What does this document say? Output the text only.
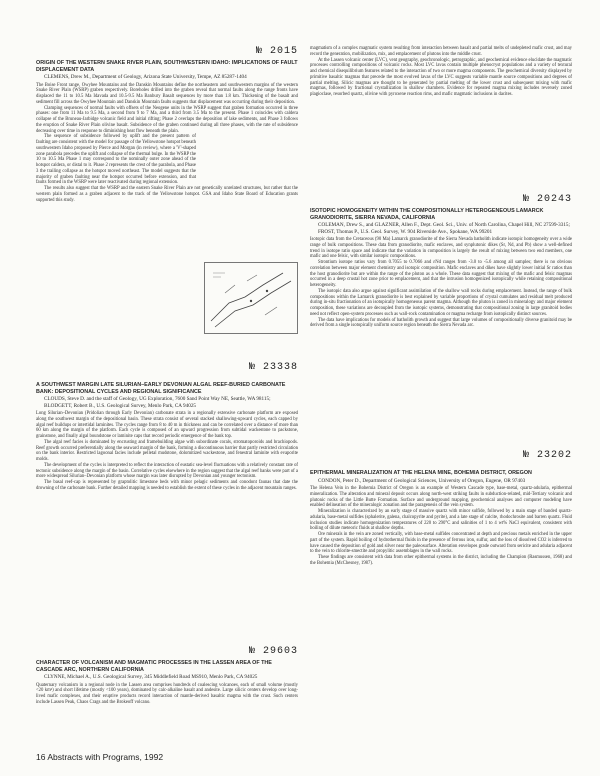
№ 2015

ORIGIN OF THE WESTERN SNAKE RIVER PLAIN, SOUTHWESTERN IDAHO: IMPLICATIONS OF FAULT DISPLACEMENT DATA

CLEMENS, Drew M., Department of Geology, Arizona State University, Tempe, AZ 85287-1404

The Boise Front range, Owyhee Mountains and the Danskin Mountains define the northeastern and southwestern margins of the western Snake River Plain (WSRP) graben respectively. Boreholes drilled into the graben reveal that normal faults along the range fronts have displaced the 11 to 10.5 Ma Idavada and 10.5-9.5 Ma Banbury Basalt sequences by more than 1.8 km. Thickening of the basalt and sediment fill across the Owyhee Mountain and Danskin Mountain faults suggests that displacement was occurring during their deposition.

Clamping sequences of normal faults with offsets of the Neogene units in the WSRP suggest that graben formation occurred in three phases: one from 11 Ma to 9.5 Ma, a second from 9 to 7 Ma, and a third from 3.5 Ma to the present. Phase 1 coincides with caldera collapse of the Bruneau-Jarbidge volcanic field and initial rifting; Phase 2 overlaps the deposition of lake sediments, and Phase 3 follows the eruption of Snake River Plain olivine basalt. Subsidence of the graben continued during all three phases, with the rate of subsidence decreasing over time in response to diminishing heat flow beneath the plain.

The sequence of subsidence followed by uplift and the present pattern of faulting are consistent with the model for passage of the Yellowstone hotspot beneath southwestern Idaho proposed by Pierce and Morgan (in review), where a 'V'-shaped zone parabola precedes the uplift and collapse of the thermal bulge. In the WSRP the 10 to 10.5 Ma Phase 1 may correspond to the nominally outer zone ahead of the hotspot caldera, or distal to it. Phase 2 represents the crest of the parabola, and Phase 3 the trailing collapse as the hotspot moved northeast. The model suggests that the majority of graben faulting near the hotspot occurred before extension, and that faults formed in the WSRP were later reactivated during regional extension.

The results also suggest that the WSRP and the eastern Snake River Plain are not genetically unrelated structures, but rather that the western plain formed as a graben adjacent to the track of the Yellowstone hotspot. GSA and Idaho State Board of Education grants supported this study.

№ 23338

A SOUTHWEST MARGIN LATE SILURIAN–EARLY DEVONIAN ALGAL REEF-BURIED CARBONATE BANK: DEPOSITIONAL CYCLES AND REGIONAL SIGNIFICANCE

CLOUDS, Steve D. and the staff of Geology, UG Exploration, 7600 Sand Point Way NE, Seattle, WA 98115; BLODGETT, Robert B., U.S. Geological Survey, Menlo Park, CA 94025

Long Silurian–Devonian (Pridolian through Early Devonian) carbonate strata in a regionally extensive carbonate platform are exposed along the southwest margin of the depositional basin. These strata consist of several stacked shallowing-upward cycles, each capped by algal reef buildups or intertidal laminites. The cycles range from 8 to 40 m in thickness and can be correlated over a distance of more than 60 km along the margin of the platform. Each cycle is composed of an upward progression from subtidal wackestone to packstone, grainstone, and finally algal boundstone or laminite caps that record periodic emergence of the bank top.

The algal reef facies is dominated by encrusting and framebuilding algae with subordinate corals, stromatoporoids and brachiopods. Reef growth occurred preferentially along the seaward margin of the bank, forming a discontinuous barrier that partly restricted circulation on the bank interior. Restricted lagoonal facies include pelletal mudstone, dolomitized wackestone, and fenestral laminite with evaporite molds.

The development of the cycles is interpreted to reflect the interaction of eustatic sea-level fluctuations with a relatively constant rate of tectonic subsidence along the margin of the basin. Correlative cycles elsewhere in the region suggest that the algal reef banks were part of a more widespread Silurian–Devonian platform whose margin was later disrupted by Devonian and younger tectonism.

The basal reef-cap is represented by graptolitic limestone beds with minor pelagic sediments and conodont faunas that date the drowning of the carbonate bank. Further detailed mapping is needed to establish the extent of these cycles in the adjacent mountain ranges.

№ 29603

CHARACTER OF VOLCANISM AND MAGMATIC PROCESSES IN THE LASSEN AREA OF THE CASCADE ARC, NORTHERN CALIFORNIA

CLYNNE, Michael A., U.S. Geological Survey, 345 Middlefield Road MS910, Menlo Park, CA 94025

Quaternary volcanism in a regional node in the Lassen area comprises hundreds of coalescing volcanoes, each of small volume (mostly <20 km³) and short lifetime (mostly <100 years), dominated by calc-alkaline basalt and andesite. Large silicic centers develop over long-lived mafic complexes, and their eruptive products record interaction of mantle-derived basaltic magma with the crust. Such centers include Lassen Peak, Chaos Crags and the Brokeoff volcano.

magmatism of a complex magmatic system resulting from interaction between basalt and partial melts of undepleted mafic crust, and may record the generation, mobilization, mix, and emplacement of plutons into the middle crust.

At the Lassen volcanic center (LVC), vent geography, geochronologic, petrographic, and geochemical evidence elucidate the magmatic processes controlling compositions of volcanic rocks. Most LVC lavas contain multiple phenocryst populations and a variety of textural and chemical disequilibrium features related to the interaction of two or more magma components. The geochemical diversity displayed by primitive basaltic magmas that precede the most evolved lavas of the LVC suggests variable mantle source compositions and degrees of partial melting. Silicic magmas are thought to be generated by partial melting of the lower crust and subsequent mixing with mafic magmas, followed by fractional crystallization in shallow chambers. Evidence for repeated magma mixing includes reversely zoned plagioclase, resorbed quartz, olivine with pyroxene reaction rims, and mafic magmatic inclusions in dacites.

№ 20243

ISOTOPIC HOMOGENEITY WITHIN THE COMPOSITIONALLY HETEROGENEOUS LAMARCK GRANODIORITE, SIERRA NEVADA, CALIFORNIA

COLEMAN, Drew S., and GLAZNER, Allen F., Dept. Geol. Sci., Univ. of North Carolina, Chapel Hill, NC 27599-3315; FROST, Thomas P., U.S. Geol. Survey, W. 904 Riverside Ave., Spokane, WA 99201

Isotopic data from the Cretaceous (90 Ma) Lamarck granodiorite of the Sierra Nevada batholith indicate isotopic homogeneity over a wide range of bulk compositions. These data from granodiorite, mafic enclaves, and synplutonic dikes (Sr, Nd, and Pb) show a well-defined trend in isotope ratio space and indicate that the variation in composition is largely the result of mixing between two end members, one mafic and one felsic, with similar isotopic compositions.

Strontium isotope ratios vary from 0.7055 to 0.7066 and εNd ranges from -3.0 to -5.6 among all samples; there is no obvious correlation between major element chemistry and isotopic composition. Mafic enclaves and dikes have slightly lower initial Sr ratios than the host granodiorite but are within the range of the pluton as a whole. These data suggest that mixing of the mafic and felsic magmas occurred in a deep crustal hot zone prior to emplacement, and that the intrusion homogenized isotopically while retaining compositional heterogeneity.

The isotopic data also argue against significant assimilation of the shallow wall rocks during emplacement. Instead, the range of bulk compositions within the Lamarck granodiorite is best explained by variable proportions of crystal cumulates and residual melt produced during in-situ fractionation of an isotopically homogeneous parent magma. Although the pluton is zoned in mineralogy and major element composition, these variations are decoupled from the isotopic systems, demonstrating that compositional zoning in large granitoid bodies need not reflect open-system processes such as wall-rock contamination or magma recharge from isotopically distinct sources.

The data have implications for models of batholith growth and suggest that large volumes of compositionally diverse granitoid may be derived from a single isotopically uniform source region beneath the Sierra Nevada arc.

№ 23202

EPITHERMAL MINERALIZATION AT THE HELENA MINE, BOHEMIA DISTRICT, OREGON

CONDON, Peter D., Department of Geological Sciences, University of Oregon, Eugene, OR 97403

The Helena Vein in the Bohemia District of Oregon is an example of Western Cascade type, base-metal, quartz-adularia, epithermal mineralization. The alteration and mineral deposit occurs along north-west striking faults in subduction-related, mid-Tertiary volcanic and plutonic rocks of the Little Butte Formation. Surface and underground mapping, geochemical analyses and computer modeling have enabled delineation of the mineralogic zonation and the paragenesis of the vein system.

Mineralization is characterized by an early stage of massive quartz with minor sulfide, followed by a main stage of banded quartz-adularia, base-metal sulfides (sphalerite, galena, chalcopyrite and pyrite), and a late stage of calcite, rhodochrosite and barren quartz. Fluid inclusion studies indicate homogenization temperatures of 220 to 290°C and salinities of 1 to 4 wt% NaCl equivalent, consistent with boiling of dilute meteoric fluids at shallow depths.

Ore minerals in the vein are zoned vertically, with base-metal sulfides concentrated at depth and precious metals enriched in the upper part of the system. Rapid boiling of hydrothermal fluids in the presence of ferrous iron, sulfur, and the loss of dissolved CO2 is inferred to have caused the deposition of gold and silver near the paleosurface. Alteration envelopes grade outward from sericite and adularia adjacent to the vein to chlorite-smectite and propylitic assemblages in the wall rocks.

These findings are consistent with data from other epithermal systems in the district, including the Champion (Rasmussen, 1968) and the Bohemia (McChesney, 1987).

16 Abstracts with Programs, 1992
